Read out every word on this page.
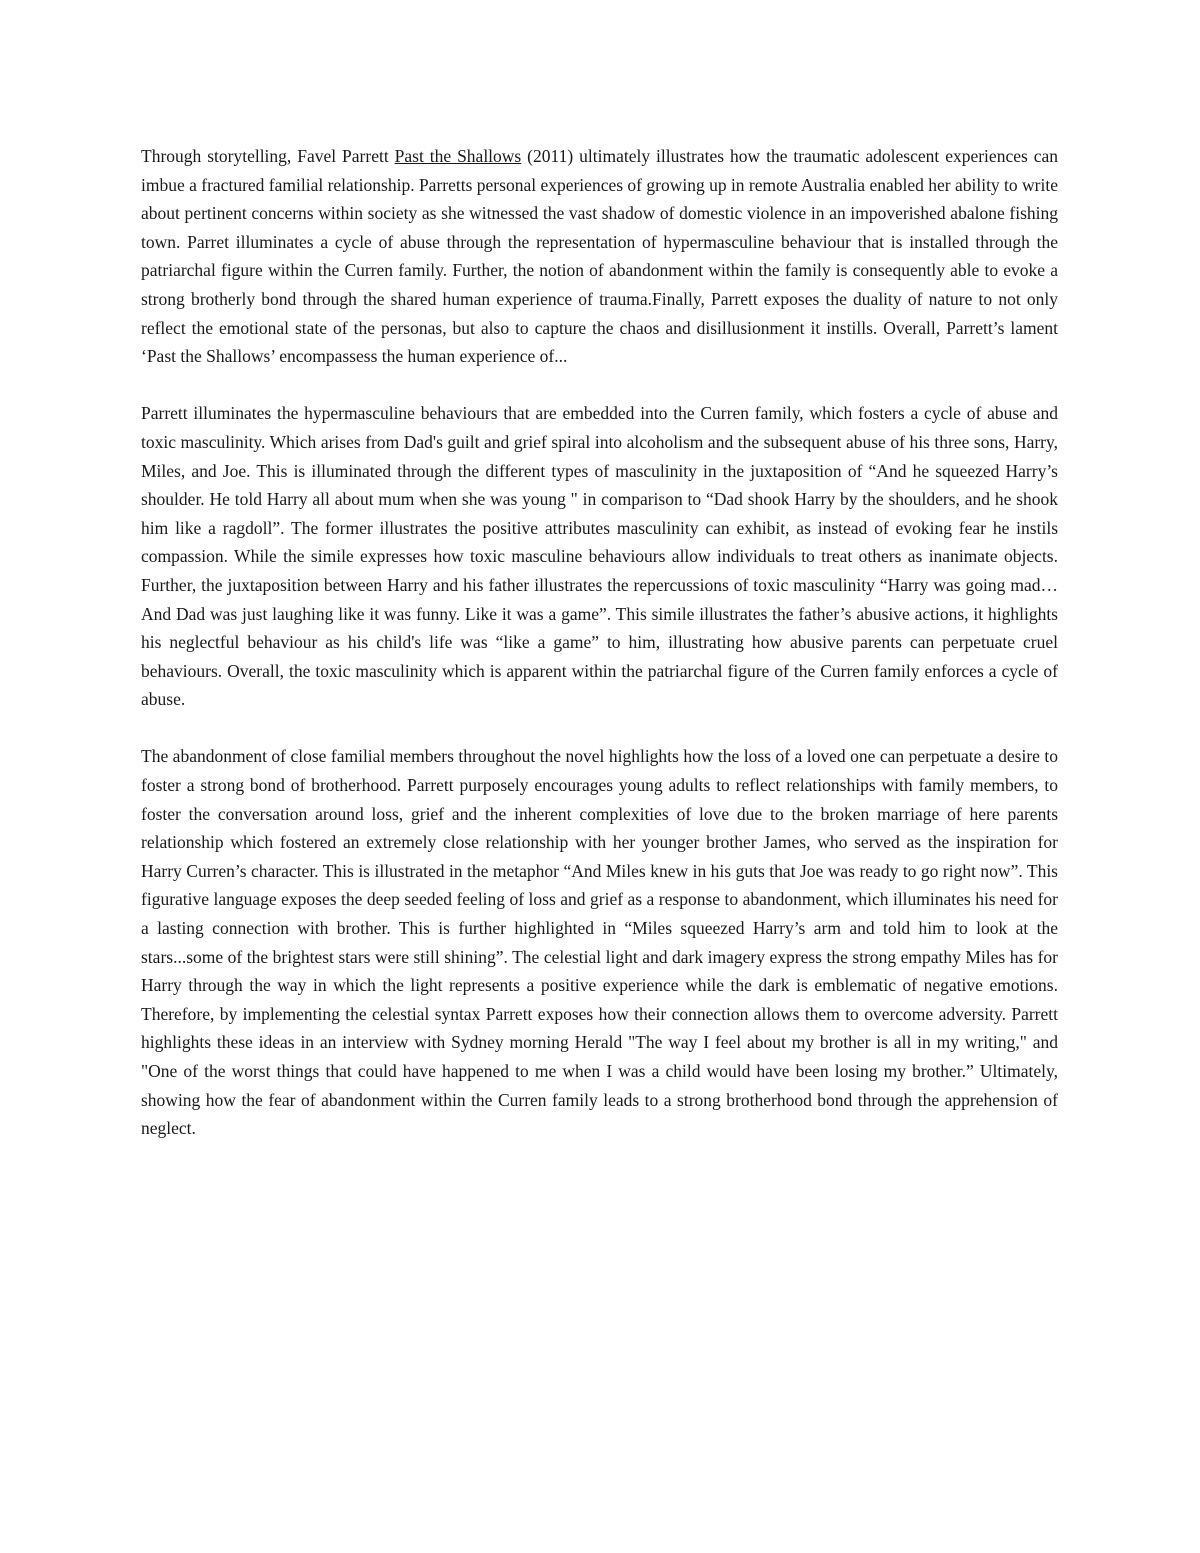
Through storytelling, Favel Parrett Past the Shallows (2011) ultimately illustrates how the traumatic adolescent experiences can imbue a fractured familial relationship. Parretts personal experiences of growing up in remote Australia enabled her ability to write about pertinent concerns within society as she witnessed the vast shadow of domestic violence in an impoverished abalone fishing town. Parret illuminates a cycle of abuse through the representation of hypermasculine behaviour that is installed through the patriarchal figure within the Curren family. Further, the notion of abandonment within the family is consequently able to evoke a strong brotherly bond through the shared human experience of trauma.Finally, Parrett exposes the duality of nature to not only reflect the emotional state of the personas, but also to capture the chaos and disillusionment it instills. Overall, Parrett’s lament ‘Past the Shallows’ encompassess the human experience of...

Parrett illuminates the hypermasculine behaviours that are embedded into the Curren family, which fosters a cycle of abuse and toxic masculinity. Which arises from Dad's guilt and grief spiral into alcoholism and the subsequent abuse of his three sons, Harry, Miles, and Joe. This is illuminated through the different types of masculinity in the juxtaposition of “And he squeezed Harry’s shoulder. He told Harry all about mum when she was young " in comparison to “Dad shook Harry by the shoulders, and he shook him like a ragdoll”. The former illustrates the positive attributes masculinity can exhibit, as instead of evoking fear he instils compassion. While the simile expresses how toxic masculine behaviours allow individuals to treat others as inanimate objects. Further, the juxtaposition between Harry and his father illustrates the repercussions of toxic masculinity “Harry was going mad… And Dad was just laughing like it was funny. Like it was a game”. This simile illustrates the father’s abusive actions, it highlights his neglectful behaviour as his child's life was “like a game” to him, illustrating how abusive parents can perpetuate cruel behaviours. Overall, the toxic masculinity which is apparent within the patriarchal figure of the Curren family enforces a cycle of abuse.

The abandonment of close familial members throughout the novel highlights how the loss of a loved one can perpetuate a desire to foster a strong bond of brotherhood. Parrett purposely encourages young adults to reflect relationships with family members, to foster the conversation around loss, grief and the inherent complexities of love due to the broken marriage of here parents relationship which fostered an extremely close relationship with her younger brother James, who served as the inspiration for Harry Curren’s character. This is illustrated in the metaphor “And Miles knew in his guts that Joe was ready to go right now”. This figurative language exposes the deep seeded feeling of loss and grief as a response to abandonment, which illuminates his need for a lasting connection with brother. This is further highlighted in “Miles squeezed Harry’s arm and told him to look at the stars...some of the brightest stars were still shining”. The celestial light and dark imagery express the strong empathy Miles has for Harry through the way in which the light represents a positive experience while the dark is emblematic of negative emotions. Therefore, by implementing the celestial syntax Parrett exposes how their connection allows them to overcome adversity. Parrett highlights these ideas in an interview with Sydney morning Herald "The way I feel about my brother is all in my writing," and "One of the worst things that could have happened to me when I was a child would have been losing my brother.” Ultimately, showing how the fear of abandonment within the Curren family leads to a strong brotherhood bond through the apprehension of neglect.
